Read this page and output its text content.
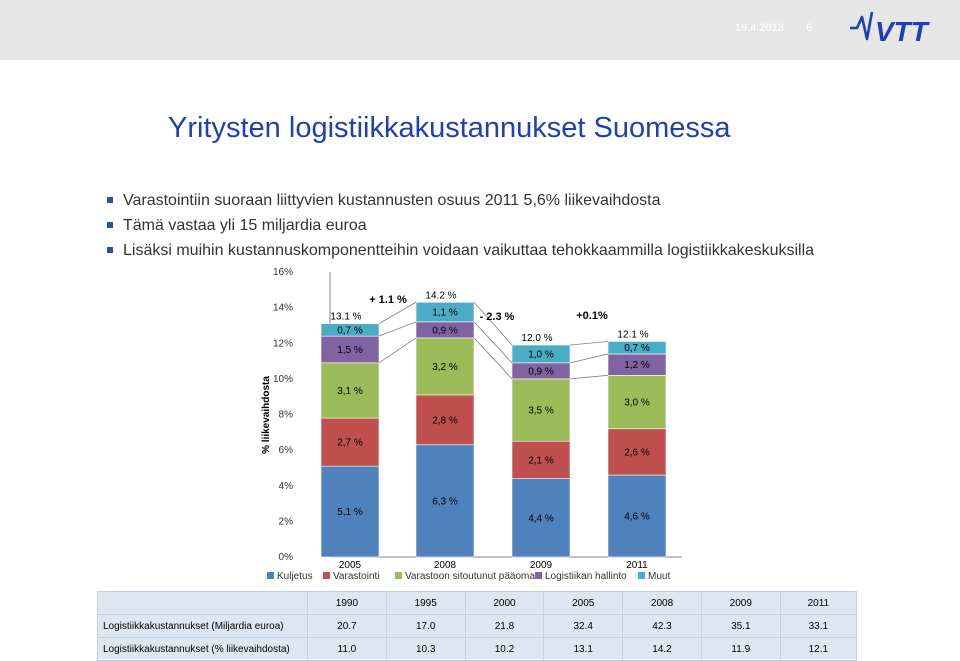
19.4.2013 6 VTT
Yritysten logistiikkakustannukset Suomessa
Varastointiin suoraan liittyvien kustannusten osuus 2011 5,6% liikevaihdosta
Tämä vastaa yli 15 miljardia euroa
Lisäksi muihin kustannuskomponentteihin voidaan vaikuttaa tehokkaammilla logistiikkakeskuksilla
% liikevaihdosta
0%
2%
4%
6%
8%
10%
12%
14%
16%
5,1 %
2,7 %
3,1 %
1,5 %
0,7 %
13.1 %
2005
6,3 %
2,8 %
3,2 %
0,9 %
1,1 %
14.2 %
2008
4,4 %
2,1 %
3,5 %
0,9 %
1,0 %
12.0 %
2009
4,6 %
2,6 %
3,0 %
1,2 %
0,7 %
12.1 %
2011
+ 1.1 %
- 2.3 %	+0.1%
Kuljetus Varastointi	Varastoon sitoutunut pääoma Logistiikan hallinto Muut
	1990	1995	2000	2005	2008	2009	2011
Logistiikkakustannukset (Miljardia euroa)	20.7	17.0	21.8	32.4	42.3	35.1	33.1
Logistiikkakustannukset (% liikevaihdosta)	11.0	10.3	10.2	13.1	14.2	11.9	12.1
